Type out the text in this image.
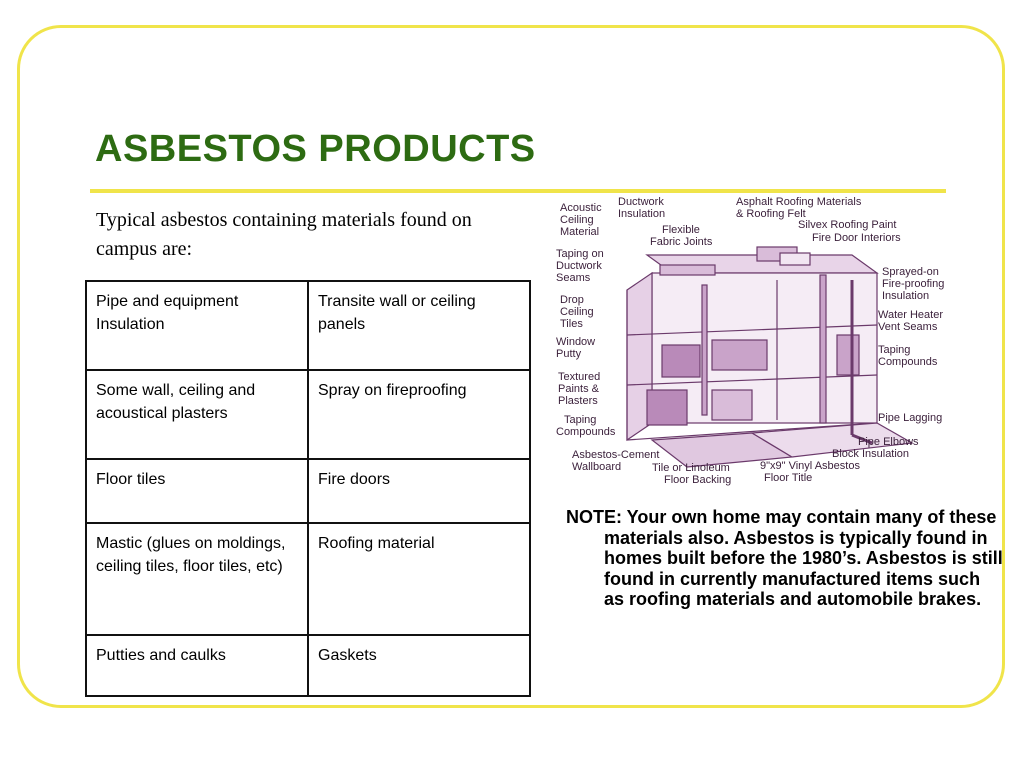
ASBESTOS PRODUCTS
Typical asbestos containing materials found on campus are:
Pipe and equipment Insulation	Transite wall or ceiling panels
Some wall, ceiling and acoustical plasters	Spray on fireproofing
Floor tiles	Fire doors
Mastic (glues on moldings, ceiling tiles, floor tiles, etc)	Roofing material
Putties and caulks	Gaskets
Acoustic Ceiling Material
Ductwork Insulation
Asphalt Roofing Materials & Roofing Felt
Silvex Roofing Paint
Fire Door Interiors
Flexible Fabric Joints
Taping on Ductwork Seams
Drop Ceiling Tiles
Window Putty
Textured Paints & Plasters
Taping Compounds
Sprayed-on Fire-proofing Insulation
Water Heater Vent Seams
Taping Compounds
Pipe Lagging
Pipe Elbows
Block Insulation
Asbestos-Cement Wallboard	Tile or Linoleum Floor Backing
9"x9" Vinyl Asbestos Floor Title
NOTE: Your own home may contain many of these materials also. Asbestos is typically found in homes built before the 1980’s. Asbestos is still found in currently manufactured items such as roofing materials and automobile brakes.
